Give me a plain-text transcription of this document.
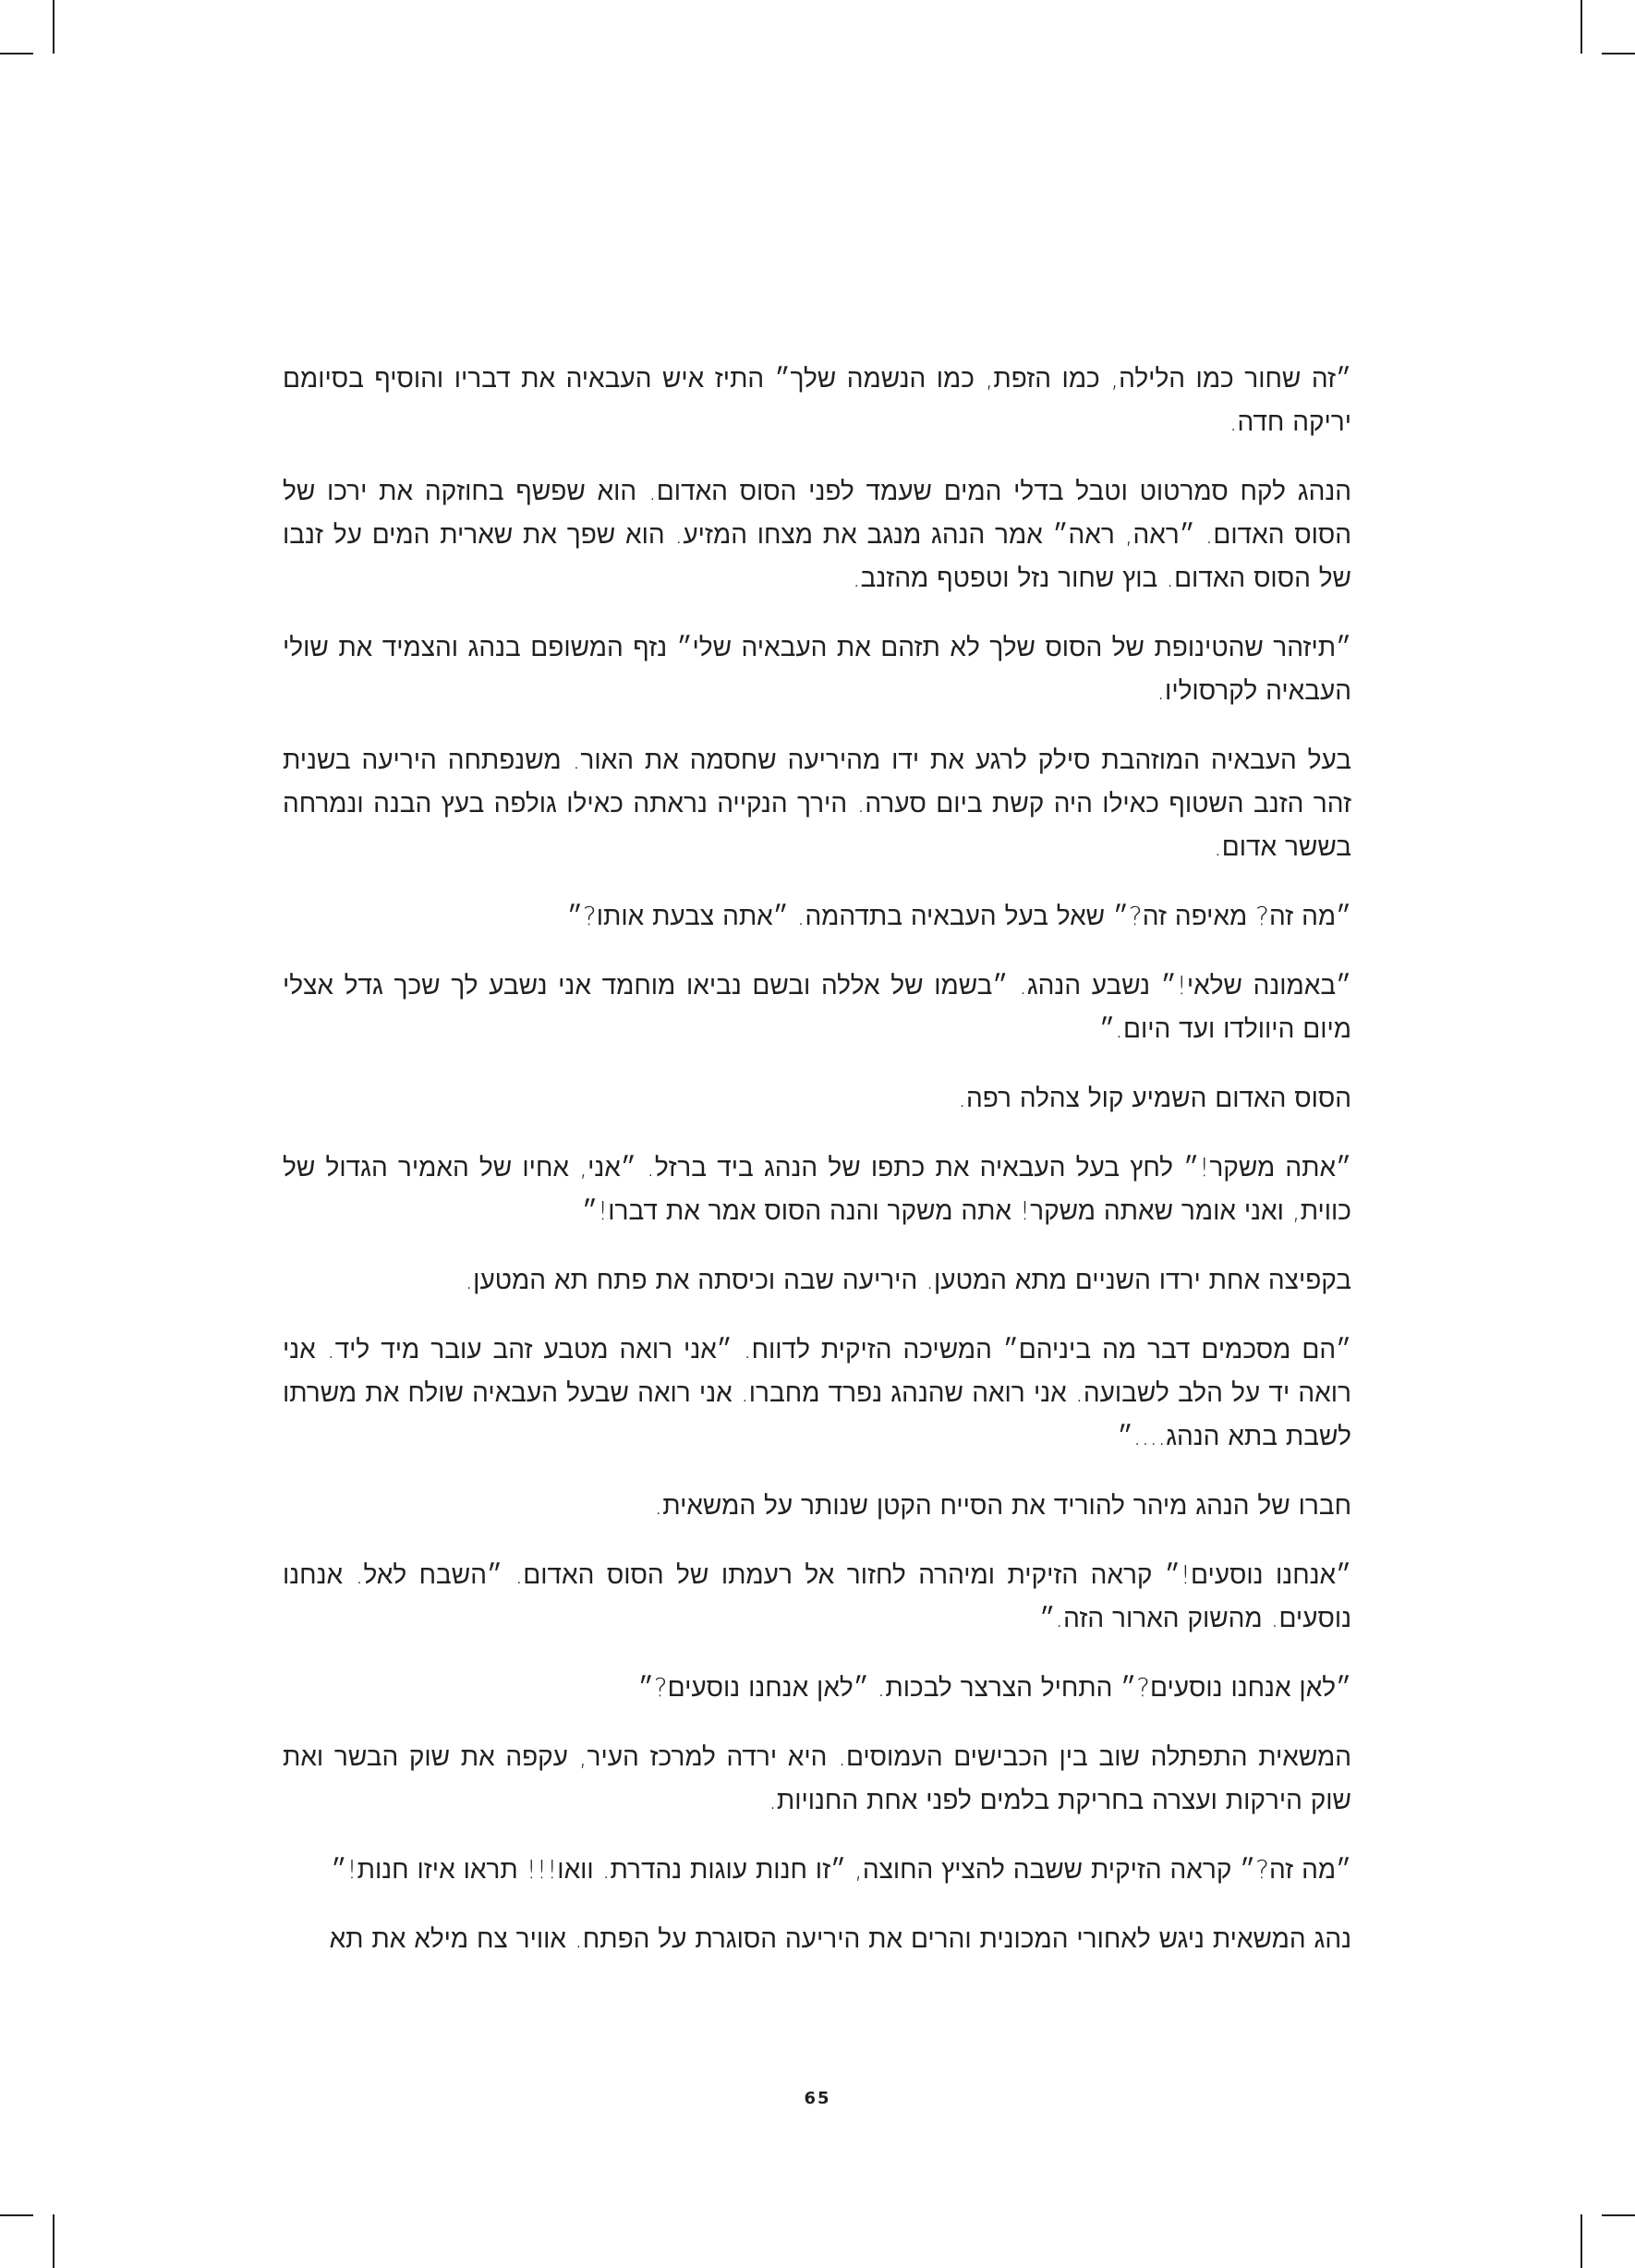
״זה שחור כמו הלילה, כמו הזפת, כמו הנשמה שלך״ התיז איש העבאיה את דבריו והוסיף בסיומם יריקה חדה.

הנהג לקח סמרטוט וטבל בדלי המים שעמד לפני הסוס האדום. הוא שפשף בחוזקה את ירכו של הסוס האדום. ״ראה, ראה״ אמר הנהג מנגב את מצחו המזיע. הוא שפך את שארית המים על זנבו של הסוס האדום. בוץ שחור נזל וטפטף מהזנב.

״תיזהר שהטינופת של הסוס שלך לא תזהם את העבאיה שלי״ נזף המשופם בנהג והצמיד את שולי העבאיה לקרסוליו.

בעל העבאיה המוזהבת סילק לרגע את ידו מהיריעה שחסמה את האור. משנפתחה היריעה בשנית זהר הזנב השטוף כאילו היה קשת ביום סערה. הירך הנקייה נראתה כאילו גולפה בעץ הבנה ונמרחה בששר אדום.

״מה זה? מאיפה זה?״ שאל בעל העבאיה בתדהמה. ״אתה צבעת אותו?״

״באמונה שלאי!״ נשבע הנהג. ״בשמו של אללה ובשם נביאו מוחמד אני נשבע לך שכך גדל אצלי מיום היוולדו ועד היום.״

הסוס האדום השמיע קול צהלה רפה.

״אתה משקר!״ לחץ בעל העבאיה את כתפו של הנהג ביד ברזל. ״אני, אחיו של האמיר הגדול של כווית, ואני אומר שאתה משקר! אתה משקר והנה הסוס אמר את דברו!״

בקפיצה אחת ירדו השניים מתא המטען. היריעה שבה וכיסתה את פתח תא המטען.

״הם מסכמים דבר מה ביניהם״ המשיכה הזיקית לדווח. ״אני רואה מטבע זהב עובר מיד ליד. אני רואה יד על הלב לשבועה. אני רואה שהנהג נפרד מחברו. אני רואה שבעל העבאיה שולח את משרתו לשבת בתא הנהג....״

חברו של הנהג מיהר להוריד את הסייח הקטן שנותר על המשאית.

״אנחנו נוסעים!״ קראה הזיקית ומיהרה לחזור אל רעמתו של הסוס האדום. ״השבח לאל. אנחנו נוסעים. מהשוק הארור הזה.״

״לאן אנחנו נוסעים?״ התחיל הצרצר לבכות. ״לאן אנחנו נוסעים?״

המשאית התפתלה שוב בין הכבישים העמוסים. היא ירדה למרכז העיר, עקפה את שוק הבשר ואת שוק הירקות ועצרה בחריקת בלמים לפני אחת החנויות.

״מה זה?״ קראה הזיקית ששבה להציץ החוצה, ״זו חנות עוגות נהדרת. וואו!!! תראו איזו חנות!״

נהג המשאית ניגש לאחורי המכונית והרים את היריעה הסוגרת על הפתח. אוויר צח מילא את תא

65
